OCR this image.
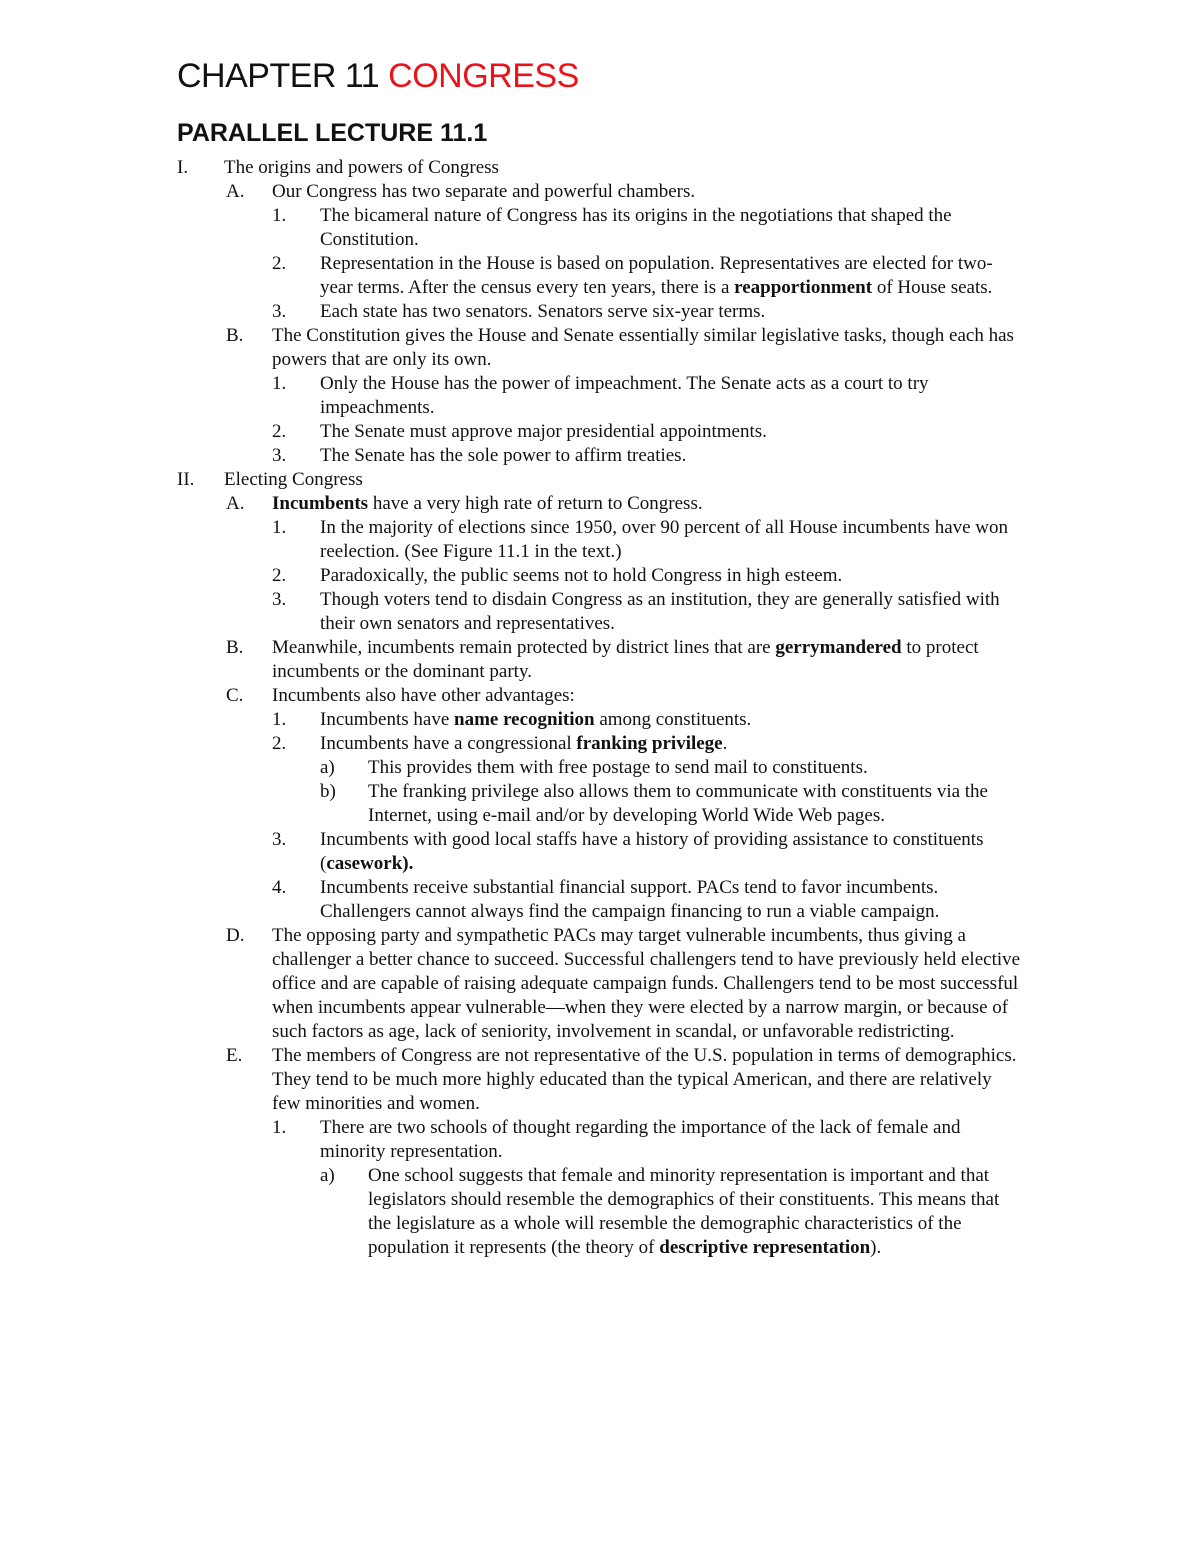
CHAPTER 11 CONGRESS
PARALLEL LECTURE 11.1
I. The origins and powers of Congress
A. Our Congress has two separate and powerful chambers.
1. The bicameral nature of Congress has its origins in the negotiations that shaped the Constitution.
2. Representation in the House is based on population. Representatives are elected for two-year terms. After the census every ten years, there is a reapportionment of House seats.
3. Each state has two senators. Senators serve six-year terms.
B. The Constitution gives the House and Senate essentially similar legislative tasks, though each has powers that are only its own.
1. Only the House has the power of impeachment. The Senate acts as a court to try impeachments.
2. The Senate must approve major presidential appointments.
3. The Senate has the sole power to affirm treaties.
II. Electing Congress
A. Incumbents have a very high rate of return to Congress.
1. In the majority of elections since 1950, over 90 percent of all House incumbents have won reelection. (See Figure 11.1 in the text.)
2. Paradoxically, the public seems not to hold Congress in high esteem.
3. Though voters tend to disdain Congress as an institution, they are generally satisfied with their own senators and representatives.
B. Meanwhile, incumbents remain protected by district lines that are gerrymandered to protect incumbents or the dominant party.
C. Incumbents also have other advantages:
1. Incumbents have name recognition among constituents.
2. Incumbents have a congressional franking privilege.
a) This provides them with free postage to send mail to constituents.
b) The franking privilege also allows them to communicate with constituents via the Internet, using e-mail and/or by developing World Wide Web pages.
3. Incumbents with good local staffs have a history of providing assistance to constituents (casework).
4. Incumbents receive substantial financial support. PACs tend to favor incumbents. Challengers cannot always find the campaign financing to run a viable campaign.
D. The opposing party and sympathetic PACs may target vulnerable incumbents, thus giving a challenger a better chance to succeed. Successful challengers tend to have previously held elective office and are capable of raising adequate campaign funds. Challengers tend to be most successful when incumbents appear vulnerable—when they were elected by a narrow margin, or because of such factors as age, lack of seniority, involvement in scandal, or unfavorable redistricting.
E. The members of Congress are not representative of the U.S. population in terms of demographics. They tend to be much more highly educated than the typical American, and there are relatively few minorities and women.
1. There are two schools of thought regarding the importance of the lack of female and minority representation.
a) One school suggests that female and minority representation is important and that legislators should resemble the demographics of their constituents. This means that the legislature as a whole will resemble the demographic characteristics of the population it represents (the theory of descriptive representation).
